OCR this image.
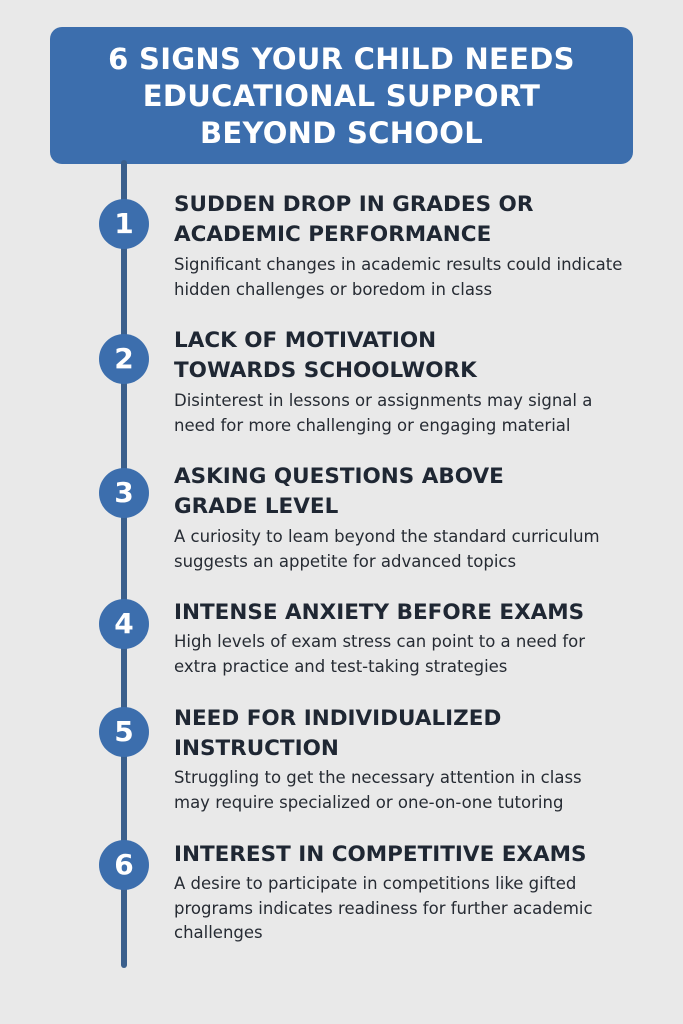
6 SIGNS YOUR CHILD NEEDS
EDUCATIONAL SUPPORT
BEYOND SCHOOL
1
SUDDEN DROP IN GRADES OR
ACADEMIC PERFORMANCE

Significant changes in academic results could indicate
hidden challenges or boredom in class

2
LACK OF MOTIVATION
TOWARDS SCHOOLWORK

Disinterest in lessons or assignments may signal a
need for more challenging or engaging material

3	ASKING QUESTIONS ABOVE
GRADE LEVEL

A curiosity to leam beyond the standard curriculum
suggests an appetite for advanced topics

4	INTENSE ANXIETY BEFORE EXAMS

High levels of exam stress can point to a need for
extra practice and test-taking strategies

5	NEED FOR INDIVIDUALIZED
INSTRUCTION

Struggling to get the necessary attention in class
may require specialized or one-on-one tutoring

6	INTEREST IN COMPETITIVE EXAMS

A desire to participate in competitions like gifted
programs indicates readiness for further academic
challenges
